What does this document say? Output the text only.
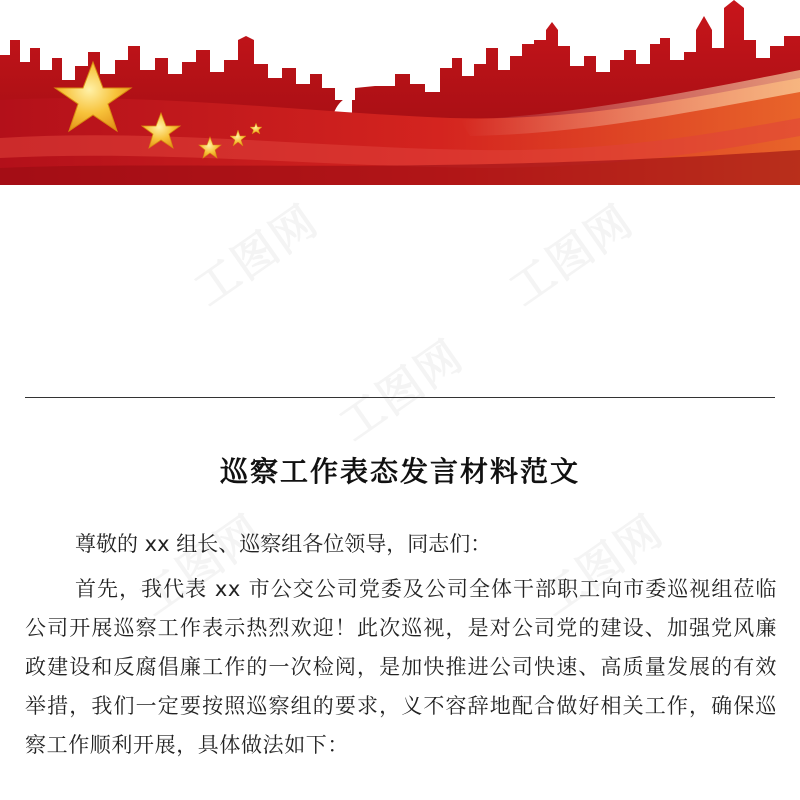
巡察工作表态发言材料范文
尊敬的 xx 组长、巡察组各位领导，同志们：
首先，我代表 xx 市公交公司党委及公司全体干部职工向市委巡视组莅临公司开展巡察工作表示热烈欢迎！此次巡视，是对公司党的建设、加强党风廉政建设和反腐倡廉工作的一次检阅，是加快推进公司快速、高质量发展的有效举措，我们一定要按照巡察组的要求，义不容辞地配合做好相关工作，确保巡察工作顺利开展，具体做法如下：
